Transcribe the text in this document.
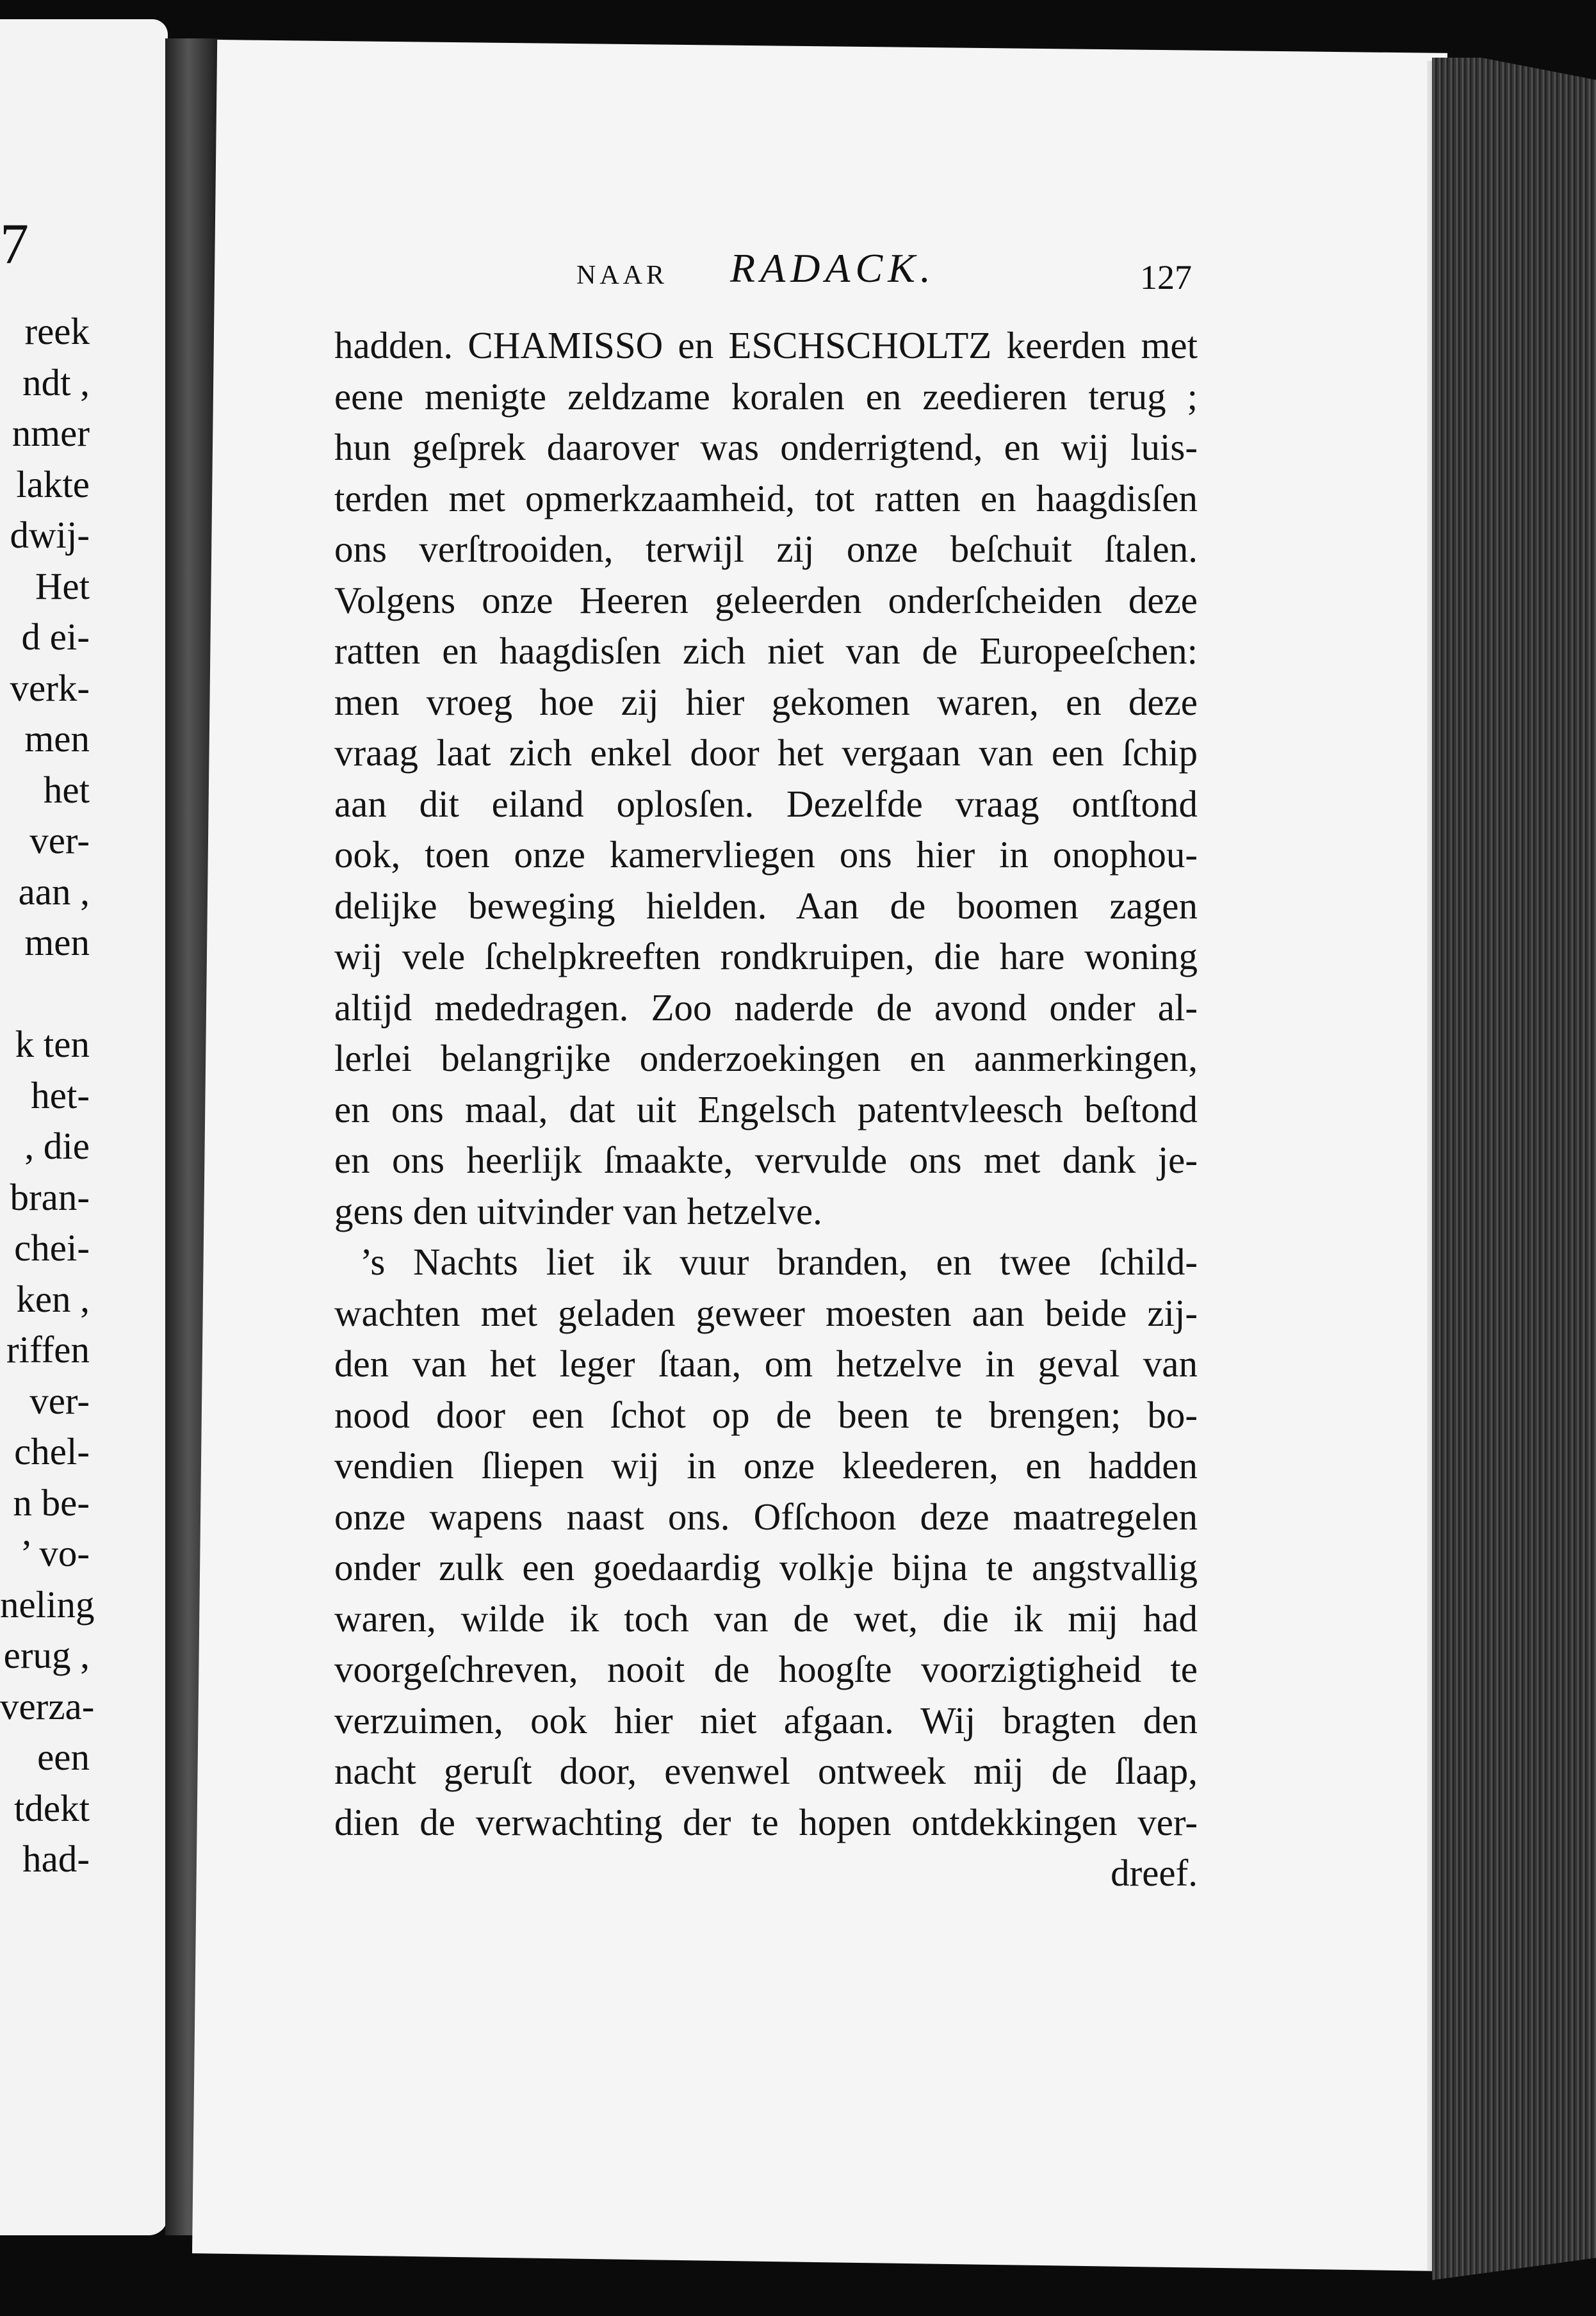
7
reek
ndt ,
nmer
lakte
dwij-
Het
d ei-
verk-
men
het
ver-
aan ,
men
k ten
het-
, die
bran-
chei-
ken ,
riffen
ver-
chel-
n be-
’ vo-
neling
erug ,
verza-
een
tdekt
had-
NAAR RADACK.	127
hadden. CHAMISSO en ESCHSCHOLTZ keerden met
eene menigte zeldzame koralen en zeedieren terug ;
hun geſprek daarover was onderrigtend, en wij luis-
terden met opmerkzaamheid, tot ratten en haagdisſen
ons verſtrooiden, terwijl zij onze beſchuit ſtalen.
Volgens onze Heeren geleerden onderſcheiden deze
ratten en haagdisſen zich niet van de Europeeſchen:
men vroeg hoe zij hier gekomen waren, en deze
vraag laat zich enkel door het vergaan van een ſchip
aan dit eiland oplosſen. Dezelfde vraag ontſtond
ook, toen onze kamervliegen ons hier in onophou-
delijke beweging hielden. Aan de boomen zagen
wij vele ſchelpkreeften rondkruipen, die hare woning
altijd mededragen. Zoo naderde de avond onder al-
lerlei belangrijke onderzoekingen en aanmerkingen,
en ons maal, dat uit Engelsch patentvleesch beſtond
en ons heerlijk ſmaakte, vervulde ons met dank je-
gens den uitvinder van hetzelve.
’s Nachts liet ik vuur branden, en twee ſchild-
wachten met geladen geweer moesten aan beide zij-
den van het leger ſtaan, om hetzelve in geval van
nood door een ſchot op de been te brengen; bo-
vendien ſliepen wij in onze kleederen, en hadden
onze wapens naast ons. Ofſchoon deze maatregelen
onder zulk een goedaardig volkje bijna te angstvallig
waren, wilde ik toch van de wet, die ik mij had
voorgeſchreven, nooit de hoogſte voorzigtigheid te
verzuimen, ook hier niet afgaan. Wij bragten den
nacht geruſt door, evenwel ontweek mij de ſlaap,
dien de verwachting der te hopen ontdekkingen ver-
dreef.
